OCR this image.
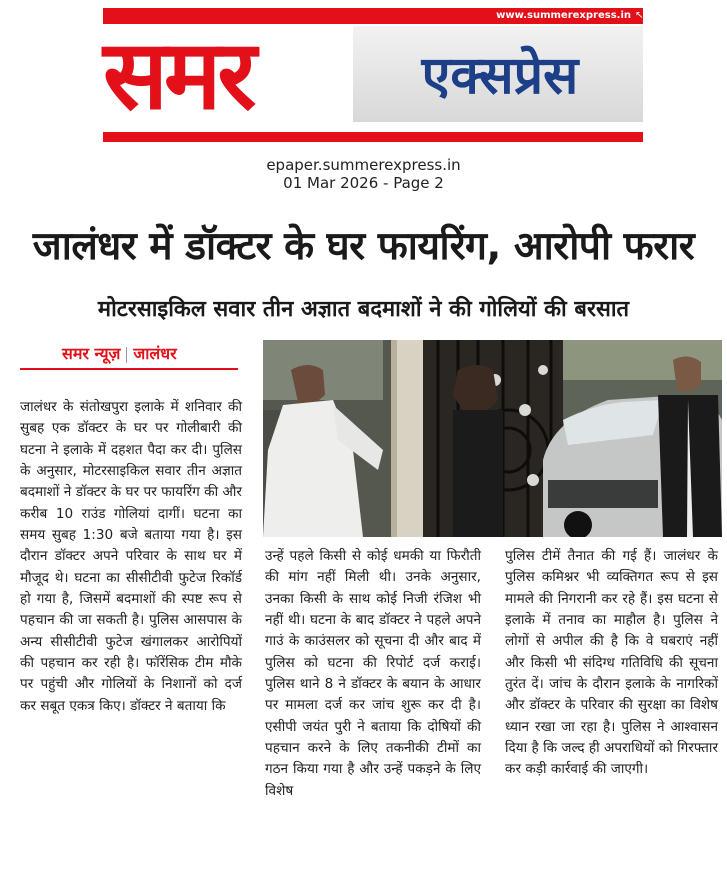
www.summerexpress.in ↖
समर	एक्सप्रेस
epaper.summerexpress.in
01 Mar 2026 - Page 2
जालंधर में डॉक्टर के घर फायरिंग, आरोपी फरार
मोटरसाइकिल सवार तीन अज्ञात बदमाशों ने की गोलियों की बरसात
समर न्यूज़ जालंधर
जालंधर के संतोखपुरा इलाके में शनिवार की सुबह एक डॉक्टर के घर पर गोलीबारी की घटना ने इलाके में दहशत पैदा कर दी। पुलिस के अनुसार, मोटरसाइकिल सवार तीन अज्ञात बदमाशों ने डॉक्टर के घर पर फायरिंग की और करीब 10 राउंड गोलियां दागीं। घटना का समय सुबह 1:30 बजे बताया गया है। इस दौरान डॉक्टर अपने परिवार के साथ घर में मौजूद थे। घटना का सीसीटीवी फुटेज रिकॉर्ड हो गया है, जिसमें बदमाशों की स्पष्ट रूप से पहचान की जा सकती है। पुलिस आसपास के अन्य सीसीटीवी फुटेज खंगालकर आरोपियों की पहचान कर रही है। फॉरेंसिक टीम मौके पर पहुंची और गोलियों के निशानों को दर्ज कर सबूत एकत्र किए। डॉक्टर ने बताया कि
उन्हें पहले किसी से कोई धमकी या फिरौती की मांग नहीं मिली थी। उनके अनुसार, उनका किसी के साथ कोई निजी रंजिश भी नहीं थी। घटना के बाद डॉक्टर ने पहले अपने गाउं के काउंसलर को सूचना दी और बाद में पुलिस को घटना की रिपोर्ट दर्ज कराई। पुलिस थाने 8 ने डॉक्टर के बयान के आधार पर मामला दर्ज कर जांच शुरू कर दी है। एसीपी जयंत पुरी ने बताया कि दोषियों की पहचान करने के लिए तकनीकी टीमों का गठन किया गया है और उन्हें पकड़ने के लिए विशेष
पुलिस टीमें तैनात की गई हैं। जालंधर के पुलिस कमिश्नर भी व्यक्तिगत रूप से इस मामले की निगरानी कर रहे हैं। इस घटना से इलाके में तनाव का माहौल है। पुलिस ने लोगों से अपील की है कि वे घबराएं नहीं और किसी भी संदिग्ध गतिविधि की सूचना तुरंत दें। जांच के दौरान इलाके के नागरिकों और डॉक्टर के परिवार की सुरक्षा का विशेष ध्यान रखा जा रहा है। पुलिस ने आश्वासन दिया है कि जल्द ही अपराधियों को गिरफ्तार कर कड़ी कार्रवाई की जाएगी।
